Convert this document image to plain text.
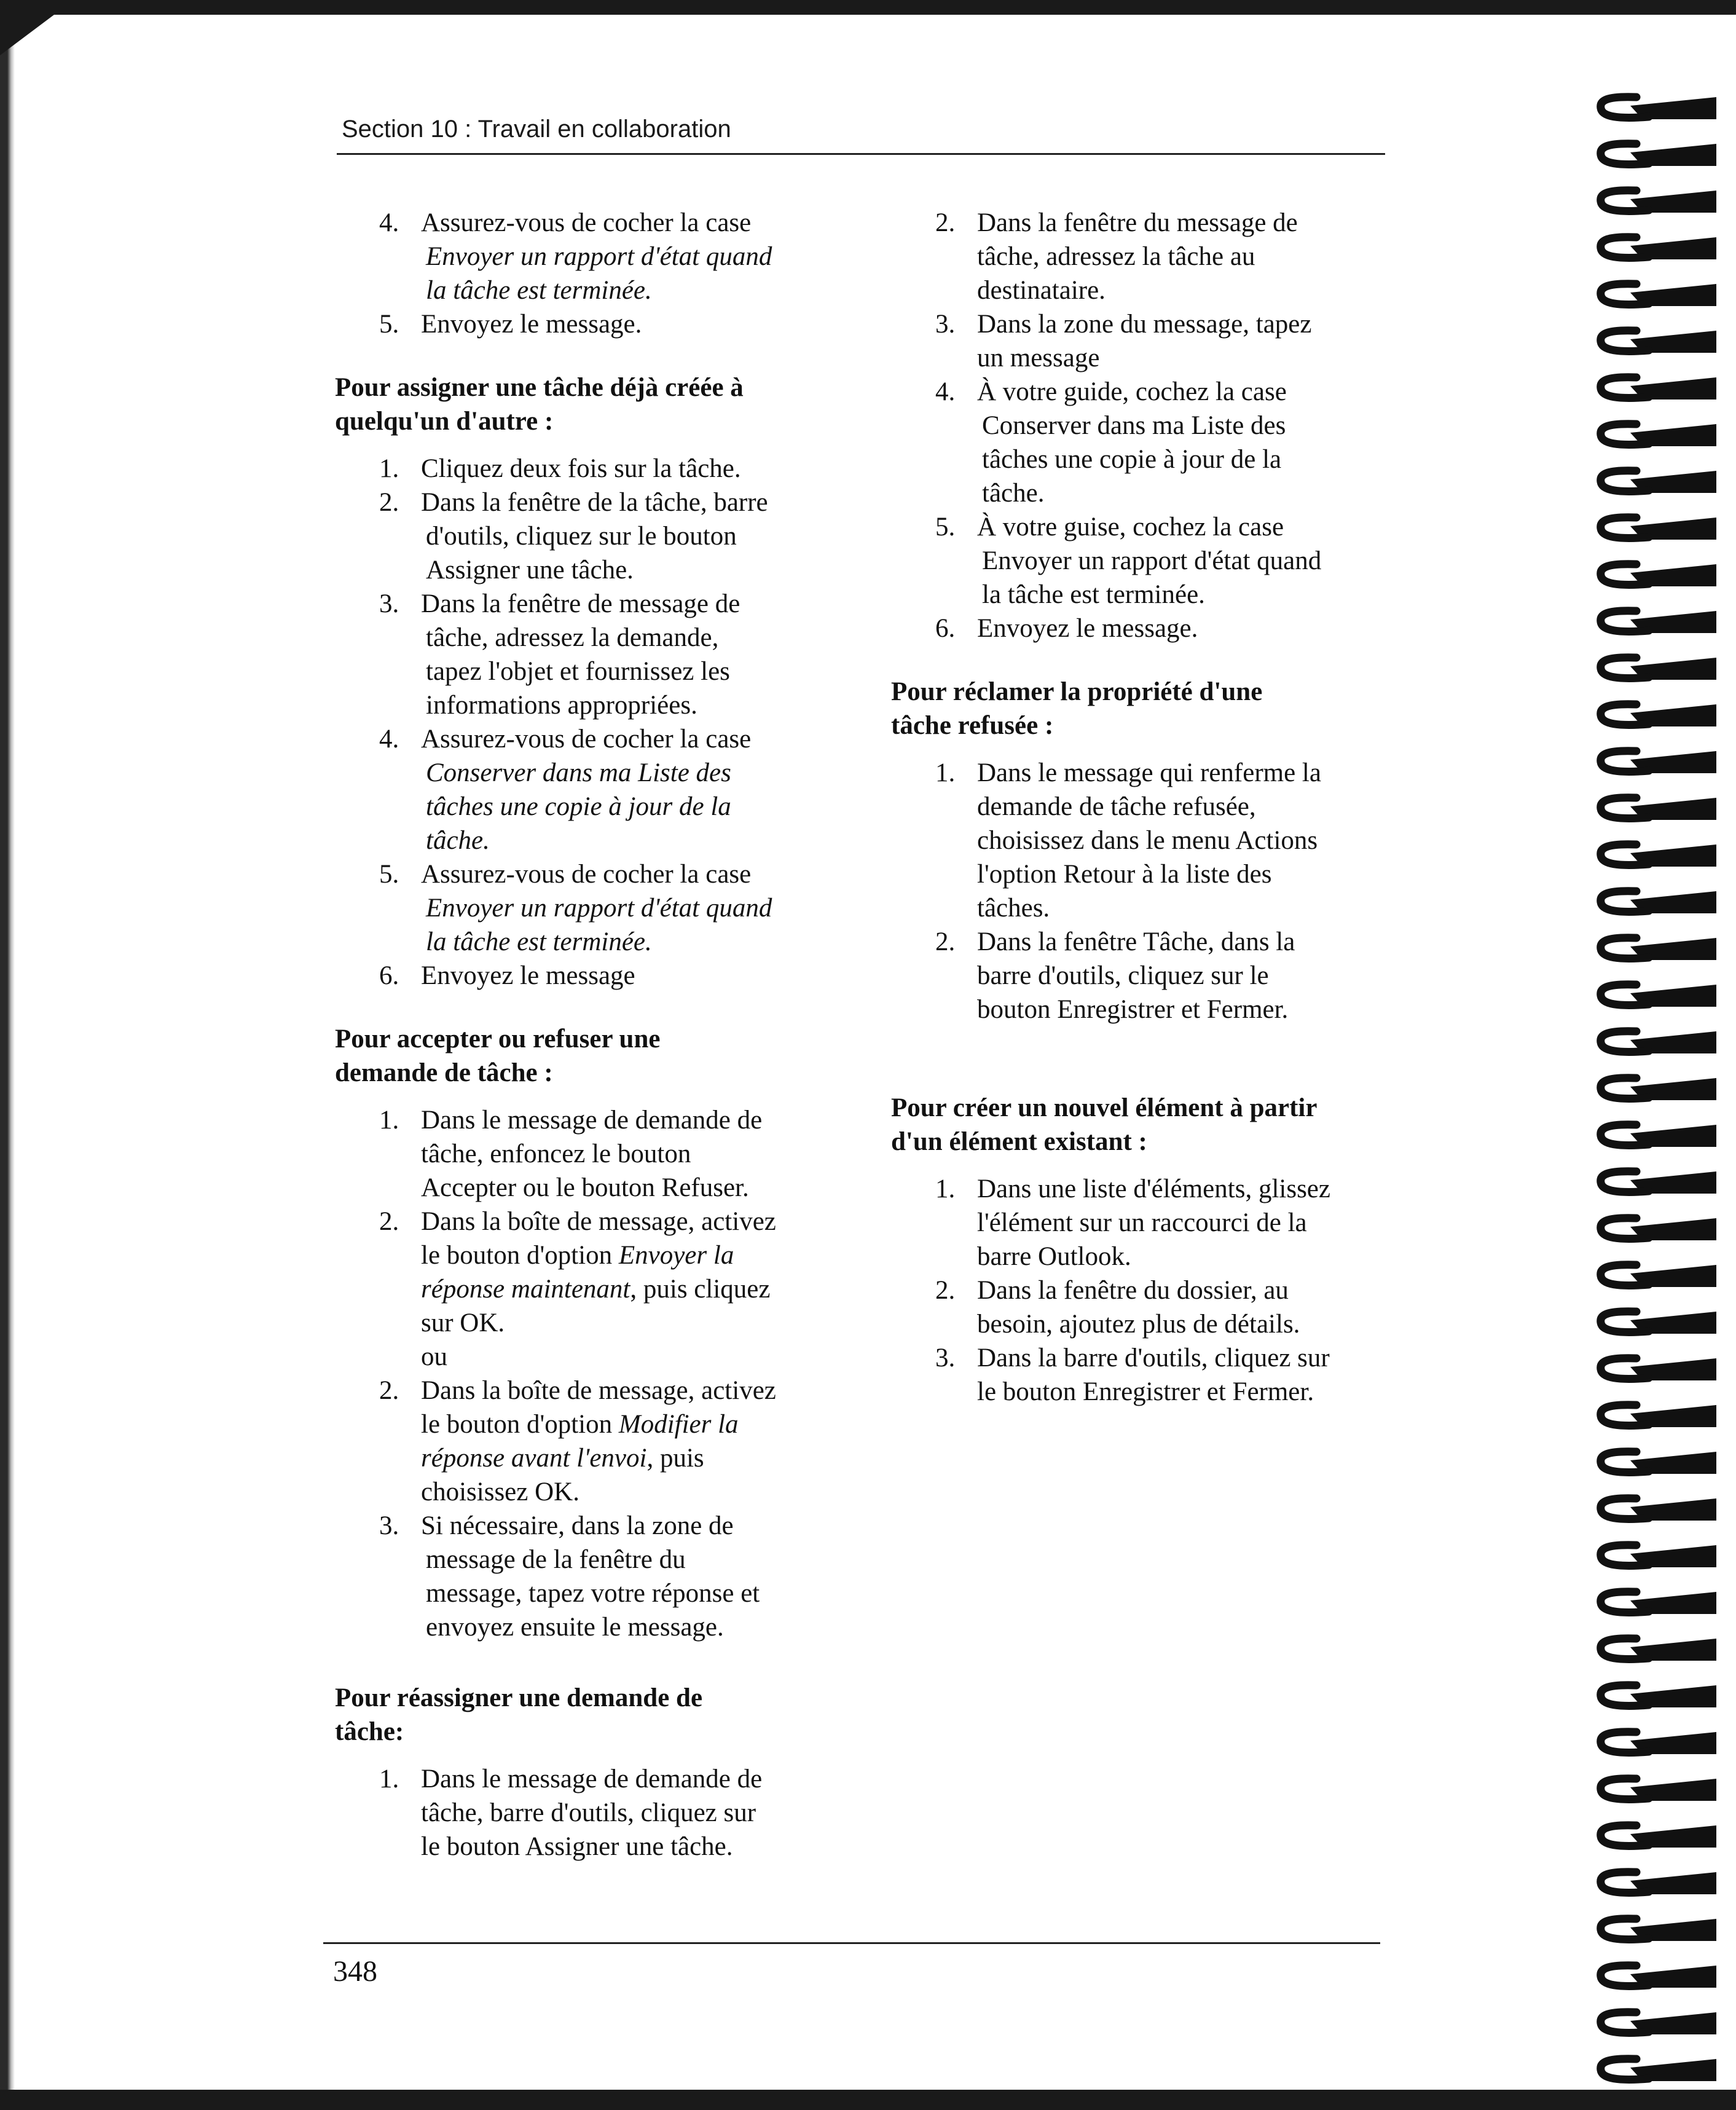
Section 10 : Travail en collaboration
4. Assurez-vous de cocher la case
Envoyer un rapport d'état quand
la tâche est terminée.
5. Envoyez le message.
Pour assigner une tâche déjà créée à
quelqu'un d'autre :
1. Cliquez deux fois sur la tâche.
2. Dans la fenêtre de la tâche, barre
d'outils, cliquez sur le bouton
Assigner une tâche.
3. Dans la fenêtre de message de
tâche, adressez la demande,
tapez l'objet et fournissez les
informations appropriées.
4. Assurez-vous de cocher la case
Conserver dans ma Liste des
tâches une copie à jour de la
tâche.
5. Assurez-vous de cocher la case
Envoyer un rapport d'état quand
la tâche est terminée.
6. Envoyez le message
Pour accepter ou refuser une
demande de tâche :
1. Dans le message de demande de
tâche, enfoncez le bouton
Accepter ou le bouton Refuser.
2. Dans la boîte de message, activez
le bouton d'option Envoyer la
réponse maintenant, puis cliquez
sur OK.
ou
2. Dans la boîte de message, activez
le bouton d'option Modifier la
réponse avant l'envoi, puis
choisissez OK.
3. Si nécessaire, dans la zone de
message de la fenêtre du
message, tapez votre réponse et
envoyez ensuite le message.
Pour réassigner une demande de
tâche:
1. Dans le message de demande de
tâche, barre d'outils, cliquez sur
le bouton Assigner une tâche.
2. Dans la fenêtre du message de
tâche, adressez la tâche au
destinataire.
3. Dans la zone du message, tapez
un message
4. À votre guide, cochez la case
Conserver dans ma Liste des
tâches une copie à jour de la
tâche.
5. À votre guise, cochez la case
Envoyer un rapport d'état quand
la tâche est terminée.
6. Envoyez le message.
Pour réclamer la propriété d'une
tâche refusée :
1. Dans le message qui renferme la
demande de tâche refusée,
choisissez dans le menu Actions
l'option Retour à la liste des
tâches.
2. Dans la fenêtre Tâche, dans la
barre d'outils, cliquez sur le
bouton Enregistrer et Fermer.
Pour créer un nouvel élément à partir
d'un élément existant :
1. Dans une liste d'éléments, glissez
l'élément sur un raccourci de la
barre Outlook.
2. Dans la fenêtre du dossier, au
besoin, ajoutez plus de détails.
3. Dans la barre d'outils, cliquez sur
le bouton Enregistrer et Fermer.
348
